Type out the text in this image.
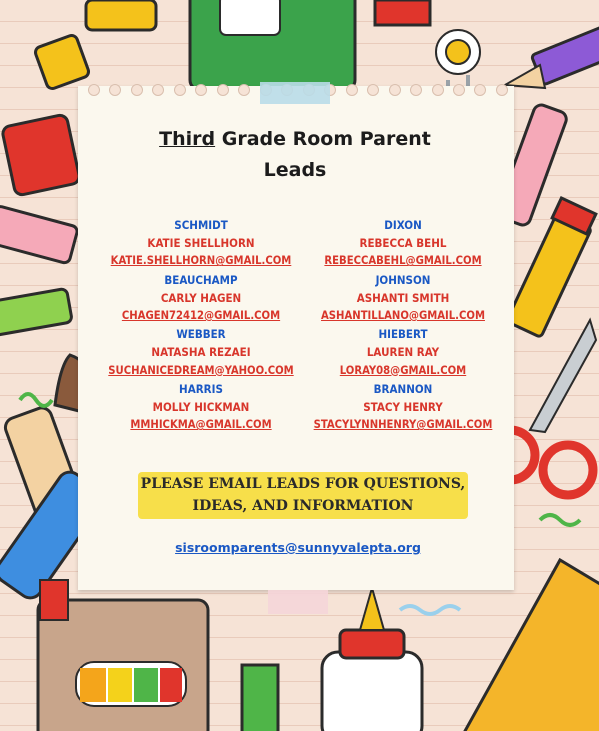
Third Grade Room Parent
Leads
SCHMIDT
KATIE SHELLHORN
KATIE.SHELLHORN@GMAIL.COM
BEAUCHAMP
CARLY HAGEN
CHAGEN72412@GMAIL.COM
WEBBER
NATASHA REZAEI
SUCHANICEDREAM@YAHOO.COM
HARRIS
MOLLY HICKMAN
MMHICKMA@GMAIL.COM
DIXON
REBECCA BEHL
REBECCABEHL@GMAIL.COM
JOHNSON
ASHANTI SMITH
ASHANTILLANO@GMAIL.COM
HIEBERT
LAUREN RAY
LORAY08@GMAIL.COM
BRANNON
STACY HENRY
STACYLYNNHENRY@GMAIL.COM
PLEASE EMAIL LEADS FOR QUESTIONS,
IDEAS, AND INFORMATION
sisroomparents@sunnyvalepta.org
